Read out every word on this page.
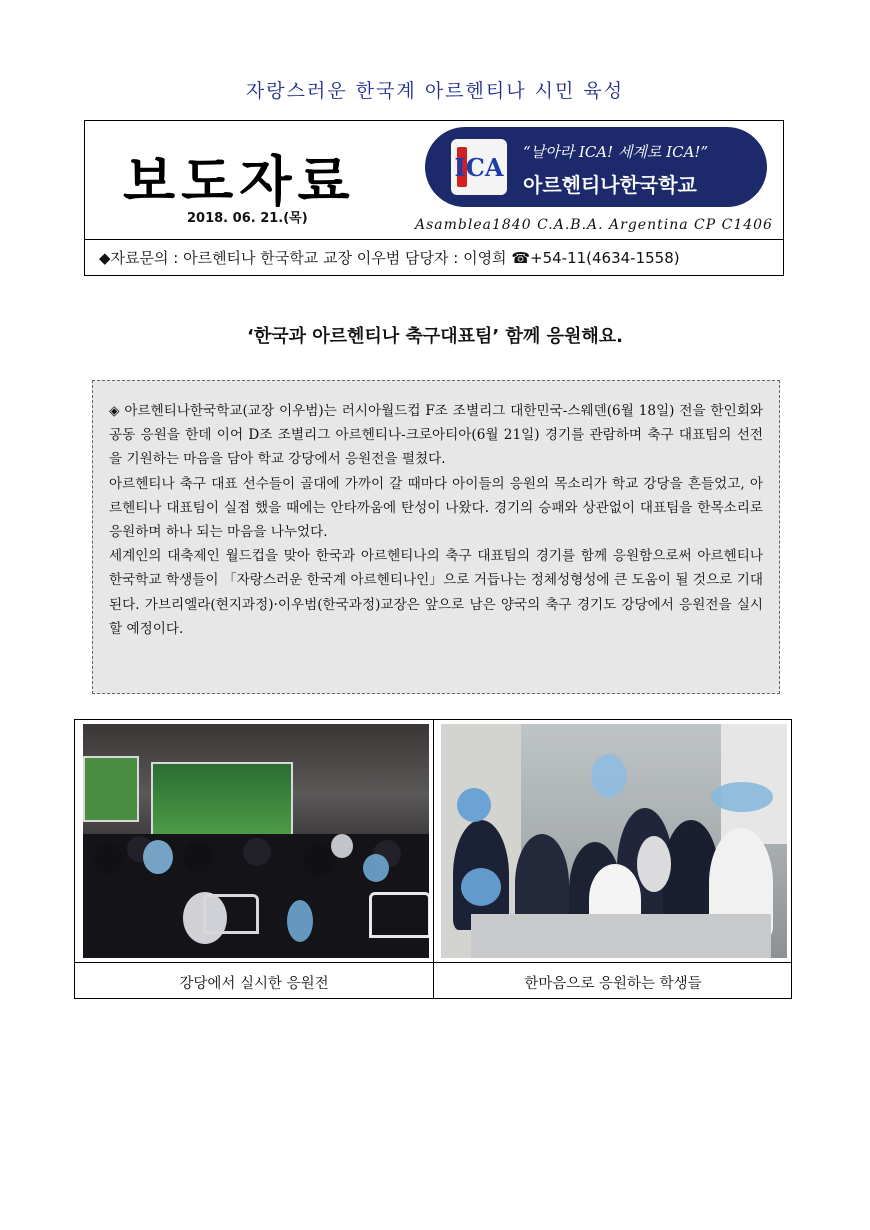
자랑스러운 한국계 아르헨티나 시민 육성
보도자료
2018. 06. 21.(목)
ICA
“날아라 ICA! 세계로 ICA!”
아르헨티나한국학교
Asamblea1840 C.A.B.A. Argentina CP C1406
◆자료문의 : 아르헨티나 한국학교 교장 이우범 담당자 : 이영희 ☎+54-11(4634-1558)
‘한국과 아르헨티나 축구대표팀’ 함께 응원해요.

◈ 아르헨티나한국학교(교장 이우범)는 러시아월드컵 F조 조별리그 대한민국-스웨덴(6월 18일) 전을 한인회와 공동 응원을 한데 이어 D조 조별리그 아르헨티나-크로아티아(6월 21일) 경기를 관람하며 축구 대표팀의 선전을 기원하는 마음을 담아 학교 강당에서 응원전을 펼쳤다.

아르헨티나 축구 대표 선수들이 골대에 가까이 갈 때마다 아이들의 응원의 목소리가 학교 강당을 흔들었고, 아르헨티나 대표팀이 실점 했을 때에는 안타까움에 탄성이 나왔다. 경기의 승패와 상관없이 대표팀을 한목소리로 응원하며 하나 되는 마음을 나누었다.

세계인의 대축제인 월드컵을 맞아 한국과 아르헨티나의 축구 대표팀의 경기를 함께 응원함으로써 아르헨티나 한국학교 학생들이 「자랑스러운 한국계 아르헨티나인」으로 거듭나는 정체성형성에 큰 도움이 될 것으로 기대된다. 가브리엘라(현지과정)·이우범(한국과정)교장은 앞으로 남은 양국의 축구 경기도 강당에서 응원전을 실시할 예정이다.

강당에서 실시한 응원전	한마음으로 응원하는 학생들
